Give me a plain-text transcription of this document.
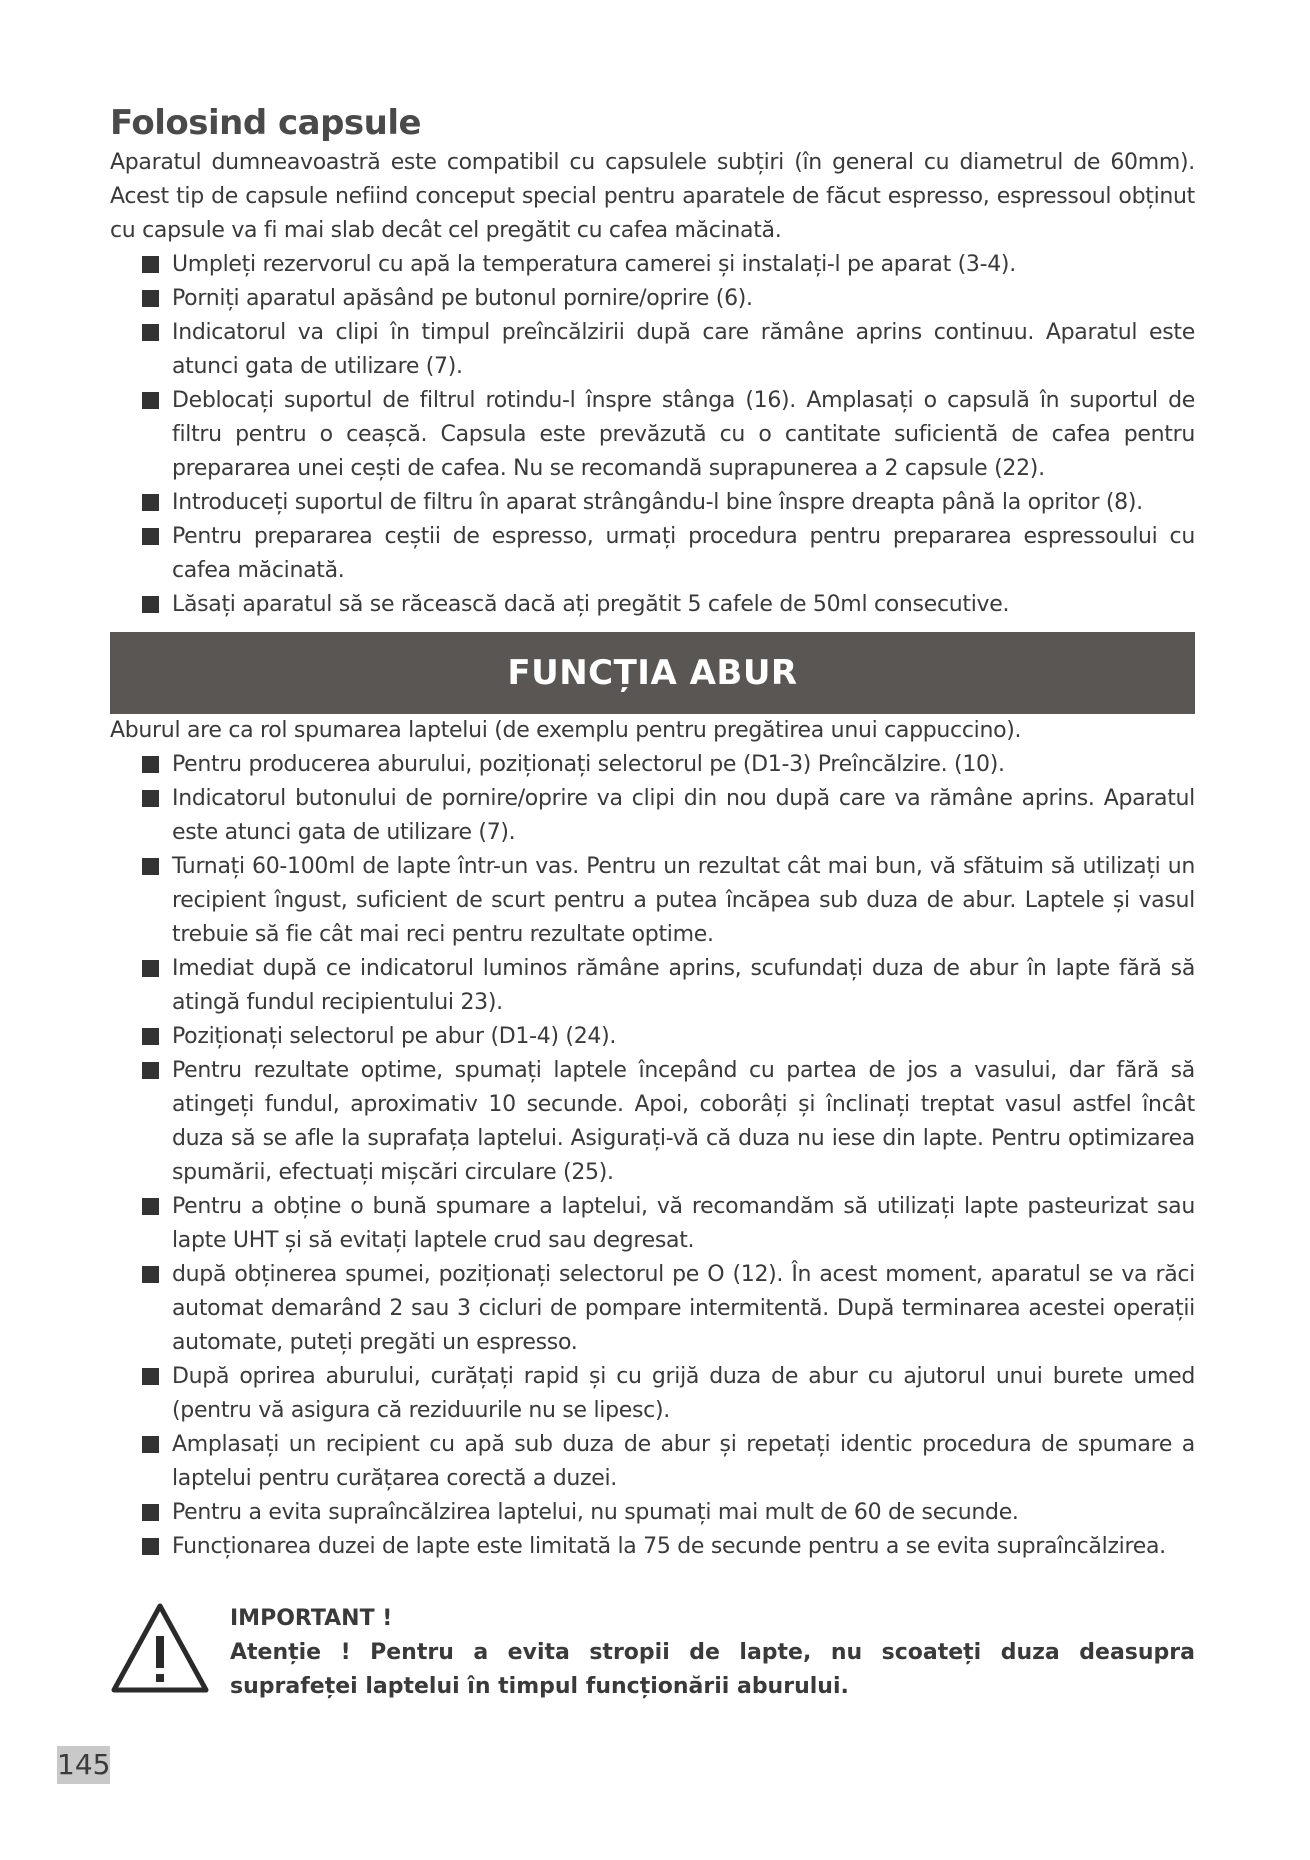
Folosind capsule

Aparatul dumneavoastră este compatibil cu capsulele subțiri (în general cu diametrul de 60mm). Acest tip de capsule nefiind conceput special pentru aparatele de făcut espresso, espressoul obținut cu capsule va fi mai slab decât cel pregătit cu cafea măcinată.

Umpleți rezervorul cu apă la temperatura camerei și instalați-l pe aparat (3-4).
Porniți aparatul apăsând pe butonul pornire/oprire (6).
Indicatorul va clipi în timpul preîncălzirii după care rămâne aprins continuu. Aparatul este atunci gata de utilizare (7).
Deblocați suportul de filtrul rotindu-l înspre stânga (16). Amplasați o capsulă în suportul de filtru pentru o ceașcă. Capsula este prevăzută cu o cantitate suficientă de cafea pentru prepararea unei cești de cafea. Nu se recomandă suprapunerea a 2 capsule (22).
Introduceți suportul de filtru în aparat strângându-l bine înspre dreapta până la opritor (8).
Pentru prepararea ceștii de espresso, urmați procedura pentru prepararea espressoului cu cafea măcinată.
Lăsați aparatul să se răcească dacă ați pregătit 5 cafele de 50ml consecutive.
FUNCȚIA ABUR

Aburul are ca rol spumarea laptelui (de exemplu pentru pregătirea unui cappuccino).

Pentru producerea aburului, poziționați selectorul pe (D1-3) Preîncălzire. (10).
Indicatorul butonului de pornire/oprire va clipi din nou după care va rămâne aprins. Aparatul este atunci gata de utilizare (7).
Turnați 60-100ml de lapte într-un vas. Pentru un rezultat cât mai bun, vă sfătuim să utilizați un recipient îngust, suficient de scurt pentru a putea încăpea sub duza de abur. Laptele și vasul trebuie să fie cât mai reci pentru rezultate optime.
Imediat după ce indicatorul luminos rămâne aprins, scufundați duza de abur în lapte fără să atingă fundul recipientului 23).
Poziționați selectorul pe abur (D1-4) (24).
Pentru rezultate optime, spumați laptele începând cu partea de jos a vasului, dar fără să atingeți fundul, aproximativ 10 secunde. Apoi, coborâți și înclinați treptat vasul astfel încât duza să se afle la suprafața laptelui. Asigurați-vă că duza nu iese din lapte. Pentru optimizarea spumării, efectuați mișcări circulare (25).
Pentru a obține o bună spumare a laptelui, vă recomandăm să utilizați lapte pasteurizat sau lapte UHT și să evitați laptele crud sau degresat.
după obținerea spumei, poziționați selectorul pe O (12). În acest moment, aparatul se va răci automat demarând 2 sau 3 cicluri de pompare intermitentă. După terminarea acestei operații automate, puteți pregăti un espresso.
După oprirea aburului, curățați rapid și cu grijă duza de abur cu ajutorul unui burete umed (pentru vă asigura că reziduurile nu se lipesc).
Amplasați un recipient cu apă sub duza de abur și repetați identic procedura de spumare a laptelui pentru curățarea corectă a duzei.
Pentru a evita supraîncălzirea laptelui, nu spumați mai mult de 60 de secunde.
Funcționarea duzei de lapte este limitată la 75 de secunde pentru a se evita supraîncălzirea.
IMPORTANT !
Atenție ! Pentru a evita stropii de lapte, nu scoateți duza deasupra suprafeței laptelui în timpul funcționării aburului.
145
